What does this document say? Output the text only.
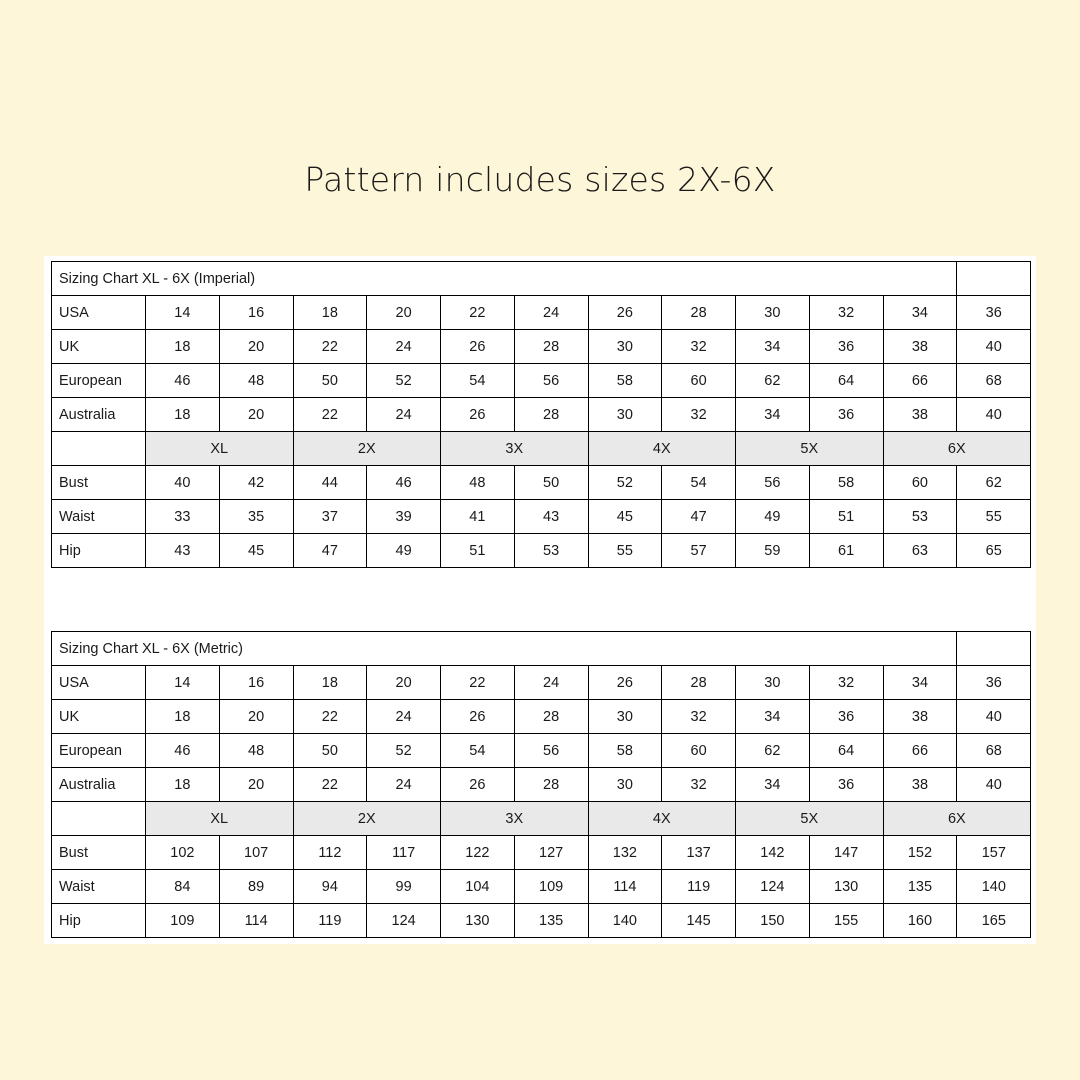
Pattern includes sizes 2X-6X
Sizing Chart XL - 6X (Imperial)												
USA	14	16	18	20	22	24	26	28	30	32	34	36
UK	18	20	22	24	26	28	30	32	34	36	38	40
European	46	48	50	52	54	56	58	60	62	64	66	68
Australia	18	20	22	24	26	28	30	32	34	36	38	40
	XL		2X		3X		4X		5X		6X	
Bust	40	42	44	46	48	50	52	54	56	58	60	62
Waist	33	35	37	39	41	43	45	47	49	51	53	55
Hip	43	45	47	49	51	53	55	57	59	61	63	65
Sizing Chart XL - 6X (Metric)												
USA	14	16	18	20	22	24	26	28	30	32	34	36
UK	18	20	22	24	26	28	30	32	34	36	38	40
European	46	48	50	52	54	56	58	60	62	64	66	68
Australia	18	20	22	24	26	28	30	32	34	36	38	40
	XL		2X		3X		4X		5X		6X	
Bust	102	107	112	117	122	127	132	137	142	147	152	157
Waist	84	89	94	99	104	109	114	119	124	130	135	140
Hip	109	114	119	124	130	135	140	145	150	155	160	165
